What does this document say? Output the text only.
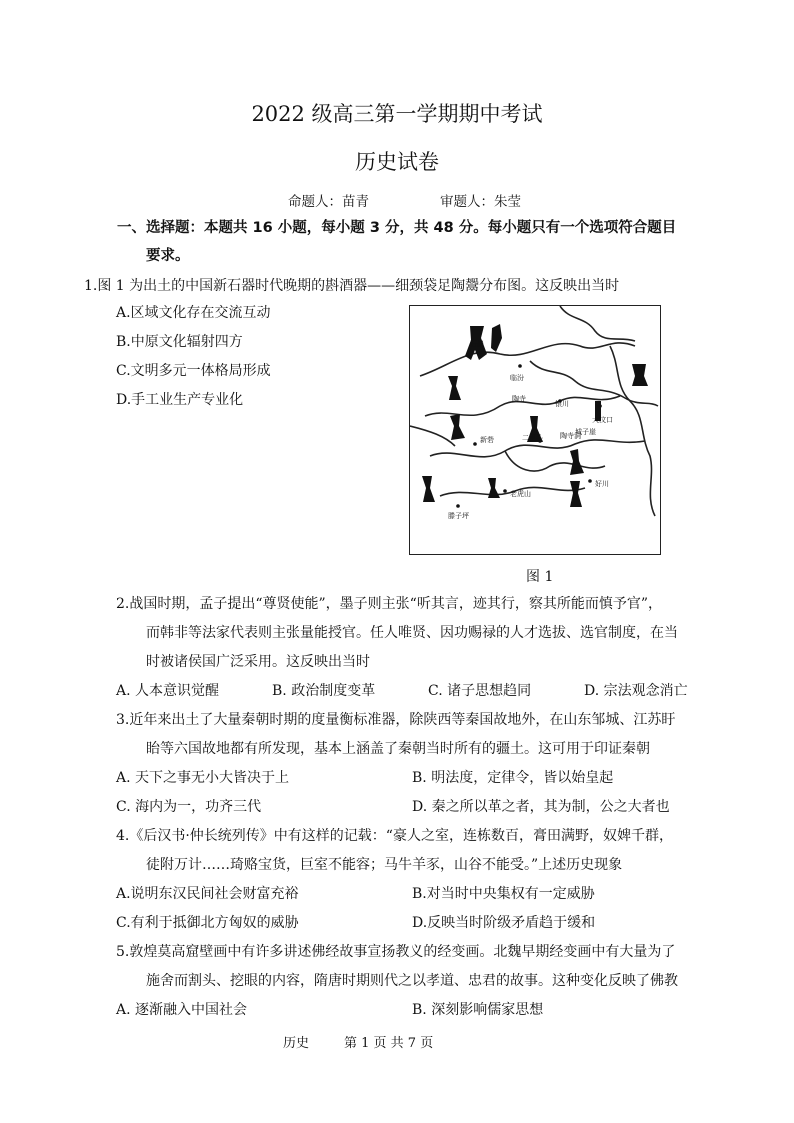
2022 级高三第一学期期中考试
历史试卷
命题人：苗青	审题人：朱莹
一、选择题：本题共 16 小题，每小题 3 分，共 48 分。每小题只有一个选项符合题目
要求。
1.图 1 为出土的中国新石器时代晚期的斟酒器——细颈袋足陶鬶分布图。这反映出当时
A.区域文化存在交流互动
B.中原文化辐射四方
C.文明多元一体格局形成
D.手工业生产专业化
临汾
陶寺
石峁
大汶口
银川
陶寺洞
新砦	二里头
城子崖
好川
滕子坪
老虎山
图 1
2.战国时期，孟子提出“尊贤使能”，墨子则主张“听其言，迹其行，察其所能而慎予官”，
而韩非等法家代表则主张量能授官。任人唯贤、因功赐禄的人才选拔、选官制度，在当
时被诸侯国广泛采用。这反映出当时
A. 人本意识觉醒	B. 政治制度变革	C. 诸子思想趋同	D. 宗法观念消亡
3.近年来出土了大量秦朝时期的度量衡标准器，除陕西等秦国故地外，在山东邹城、江苏盱
眙等六国故地都有所发现，基本上涵盖了秦朝当时所有的疆土。这可用于印证秦朝
A. 天下之事无小大皆决于上	B. 明法度，定律令，皆以始皇起
C. 海内为一，功齐三代	D. 秦之所以革之者，其为制，公之大者也
4.《后汉书·仲长统列传》中有这样的记载：“豪人之室，连栋数百，膏田满野，奴婢千群，
徒附万计……琦赂宝货，巨室不能容；马牛羊豕，山谷不能受。”上述历史现象
A.说明东汉民间社会财富充裕	B.对当时中央集权有一定威胁
C.有利于抵御北方匈奴的威胁	D.反映当时阶级矛盾趋于缓和
5.敦煌莫高窟壁画中有许多讲述佛经故事宣扬教义的经变画。北魏早期经变画中有大量为了
施舍而割头、挖眼的内容，隋唐时期则代之以孝道、忠君的故事。这种变化反映了佛教
A. 逐渐融入中国社会	B. 深刻影响儒家思想
历史	第 1 页 共 7 页
